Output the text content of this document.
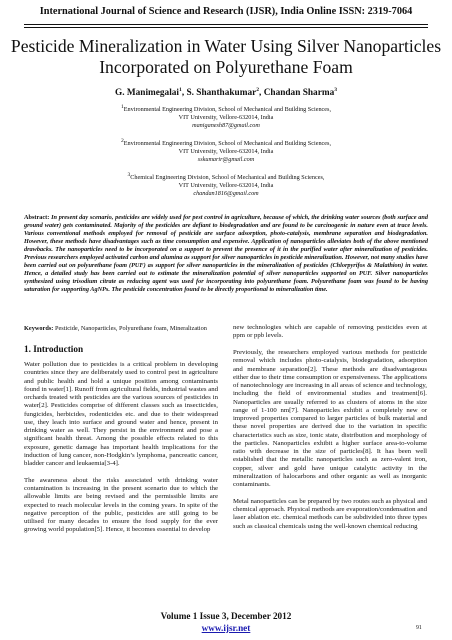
International Journal of Science and Research (IJSR), India Online ISSN: 2319-7064
Pesticide Mineralization in Water Using Silver Nanoparticles Incorporated on Polyurethane Foam
G. Manimegalai$^1$, S. Shanthakumar$^2$, Chandan Sharma$^3$
$^1$Environmental Engineering Division, School of Mechanical and Building Sciences,
VIT University, Vellore-632014, India
maniganesh87@gmail.com
$^2$Environmental Engineering Division, School of Mechanical and Building Sciences,
VIT University, Vellore-632014, India
sskumarir@gmail.com
$^3$Chemical Engineering Division, School of Mechanical and Building Sciences,
VIT University, Vellore-632014, India
chandan1816@gmail.com
Abstract: In present day scenario, pesticides are widely used for pest control in agriculture, because of which, the drinking water sources (both surface and ground water) gets contaminated. Majority of the pesticides are defiant to biodegradation and are found to be carcinogenic in nature even at trace levels. Various conventional methods employed for removal of pesticide are surface adsorption, photo-catalysis, membrane separation and biodegradation. However, these methods have disadvantages such as time consumption and expensive. Application of nanoparticles alleviates both of the above mentioned drawbacks. The nanoparticles need to be incorporated on a support to prevent the presence of it in the purified water after mineralization of pesticides. Previous researchers employed activated carbon and alumina as support for silver nanoparticles in pesticide mineralization. However, not many studies have been carried out on polyurethane foam (PUF) as support for silver nanoparticles in the mineralization of pesticides (Chlorpyrifos & Malathion) in water. Hence, a detailed study has been carried out to estimate the mineralization potential of silver nanoparticles supported on PUF. Silver nanoparticles synthesized using trisodium citrate as reducing agent was used for incorporating into polyurethane foam. Polyurethane foam was found to be having saturation for supporting AgNPs. The pesticide concentration found to be directly proportional to mineralization time.
Keywords: Pesticide, Nanoparticles, Polyurethane foam, Mineralization
1. Introduction

Water pollution due to pesticides is a critical problem in developing countries since they are deliberately used to control pest in agriculture and public health and hold a unique position among contaminants found in water[1]. Runoff from agricultural fields, industrial wastes and orchards treated with pesticides are the various sources of pesticides in water[2]. Pesticides comprise of different classes such as insecticides, fungicides, herbicides, rodenticides etc. and due to their widespread use, they leach into surface and ground water and hence, present in drinking water as well. They persist in the environment and pose a significant health threat. Among the possible effects related to this exposure, genetic damage has important health implications for the induction of lung cancer, non-Hodgkin’s lymphoma, pancreatic cancer, bladder cancer and leukaemia[3-4].

The awareness about the risks associated with drinking water contamination is increasing in the present scenario due to which the allowable limits are being revised and the permissible limits are expected to reach molecular levels in the coming years. In spite of the negative perception of the public, pesticides are still going to be utilised for many decades to ensure the food supply for the ever growing world population[5]. Hence, it becomes essential to develop

new technologies which are capable of removing pesticides even at ppm or ppb levels.

Previously, the researchers employed various methods for pesticide removal which includes photo-catalysis, biodegradation, adsorption and membrane separation[2]. These methods are disadvantageous either due to their time consumption or expensiveness. The applications of nanotechnology are increasing in all areas of science and technology, including the field of environmental studies and treatment[6]. Nanoparticles are usually referred to as clusters of atoms in the size range of 1-100 nm[7]. Nanoparticles exhibit a completely new or improved properties compared to larger particles of bulk material and these novel properties are derived due to the variation in specific characteristics such as size, ionic state, distribution and morphology of the particles. Nanoparticles exhibit a higher surface area-to-volume ratio with decrease in the size of particles[8]. It has been well established that the metallic nanoparticles such as zero-valent iron, copper, silver and gold have unique catalytic activity in the mineralization of halocarbons and other organic as well as inorganic contaminants.

Metal nanoparticles can be prepared by two routes such as physical and chemical approach. Physical methods are evaporation/condensation and laser ablation etc. chemical methods can be subdivided into three types such as classical chemicals using the well-known chemical reducing

Volume 1 Issue 3, December 2012
www.ijsr.net	91
